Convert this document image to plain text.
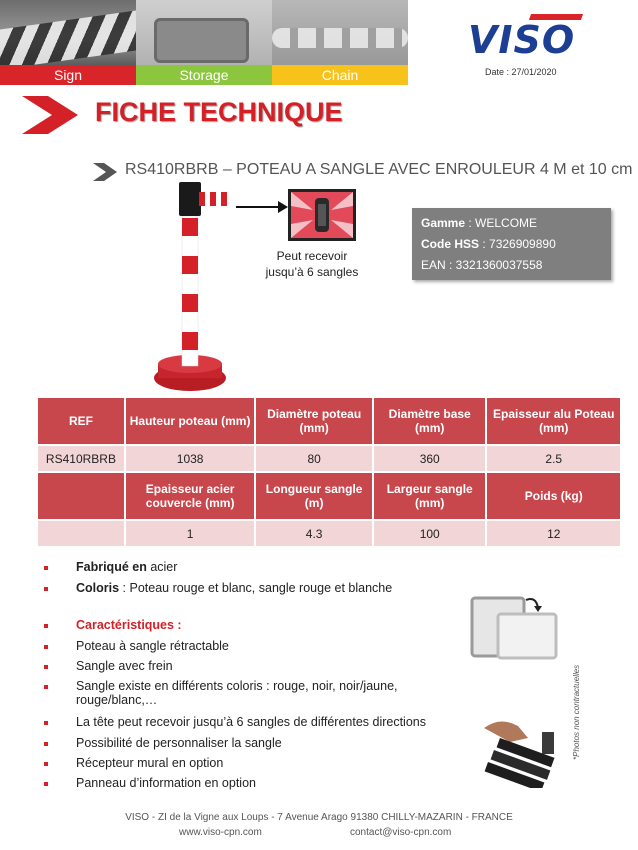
Sign	Storage	Chain
VISO
Date : 27/01/2020
FICHE TECHNIQUE
RS410RBRB – POTEAU A SANGLE AVEC ENROULEUR 4 M et 10 cm
Peut recevoir
jusqu’à 6 sangles
Gamme : WELCOME
Code HSS : 7326909890
EAN : 3321360037558
REF	Hauteur poteau (mm)	Diamètre poteau (mm)	Diamètre base (mm)	Epaisseur alu Poteau (mm)
RS410RBRB	1038	80	360	2.5
	Epaisseur acier couvercle (mm)	Longueur sangle (m)	Largeur sangle (mm)	Poids (kg)
	1	4.3	100	12
Fabriqué en acier
Coloris : Poteau rouge et blanc, sangle rouge et blanche
Caractéristiques :
Poteau à sangle rétractable
Sangle avec frein
Sangle existe en différents coloris : rouge, noir, noir/jaune, rouge/blanc,…
La tête peut recevoir jusqu’à 6 sangles de différentes directions
Possibilité de personnaliser la sangle
Récepteur mural en option
Panneau d’information en option
*Photos non contractuelles
VISO - ZI de la Vigne aux Loups - 7 Avenue Arago 91380 CHILLY-MAZARIN - FRANCE
www.viso-cpn.com	contact@viso-cpn.com
